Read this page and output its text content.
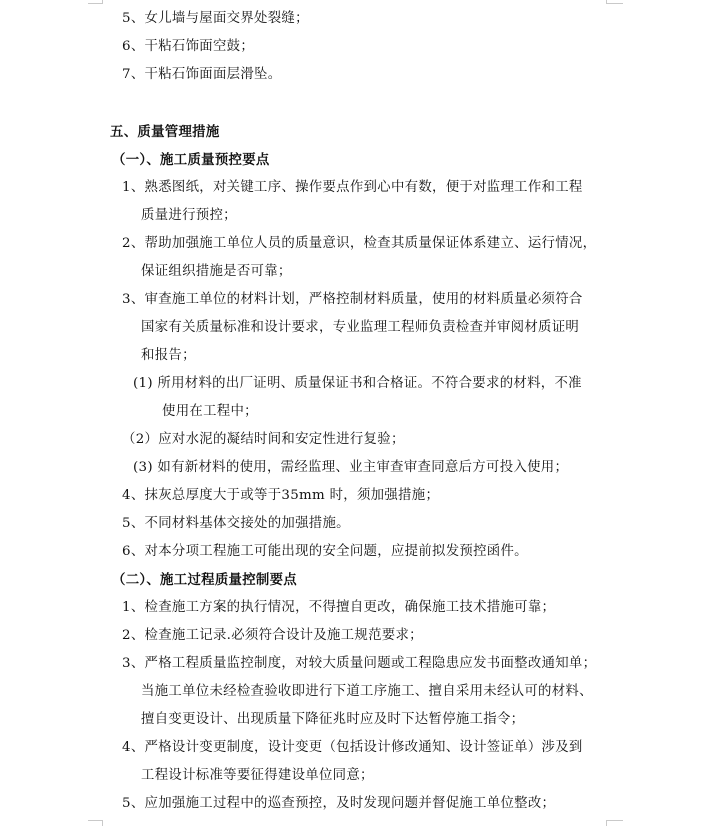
5、女儿墙与屋面交界处裂缝；
6、干粘石饰面空鼓；
7、干粘石饰面面层滑坠。
五、质量管理措施
（一）、施工质量预控要点
1、熟悉图纸，对关键工序、操作要点作到心中有数，便于对监理工作和工程
质量进行预控；
2、帮助加强施工单位人员的质量意识，检查其质量保证体系建立、运行情况，
保证组织措施是否可靠；
3、审查施工单位的材料计划，严格控制材料质量，使用的材料质量必须符合
国家有关质量标准和设计要求，专业监理工程师负责检查并审阅材质证明
和报告；
(1) 所用材料的出厂证明、质量保证书和合格证。不符合要求的材料，不准
使用在工程中；
（2）应对水泥的凝结时间和安定性进行复验；
(3) 如有新材料的使用，需经监理、业主审查审查同意后方可投入使用；
4、抹灰总厚度大于或等于35mm 时，须加强措施；
5、不同材料基体交接处的加强措施。
6、对本分项工程施工可能出现的安全问题，应提前拟发预控函件。
（二）、施工过程质量控制要点
1、检查施工方案的执行情况，不得擅自更改，确保施工技术措施可靠；
2、检查施工记录.必须符合设计及施工规范要求；
3、严格工程质量监控制度，对较大质量问题或工程隐患应发书面整改通知单；
当施工单位未经检查验收即进行下道工序施工、擅自采用未经认可的材料、
擅自变更设计、出现质量下降征兆时应及时下达暂停施工指令；
4、严格设计变更制度，设计变更（包括设计修改通知、设计签证单）涉及到
工程设计标准等要征得建设单位同意；
5、应加强施工过程中的巡查预控，及时发现问题并督促施工单位整改；
